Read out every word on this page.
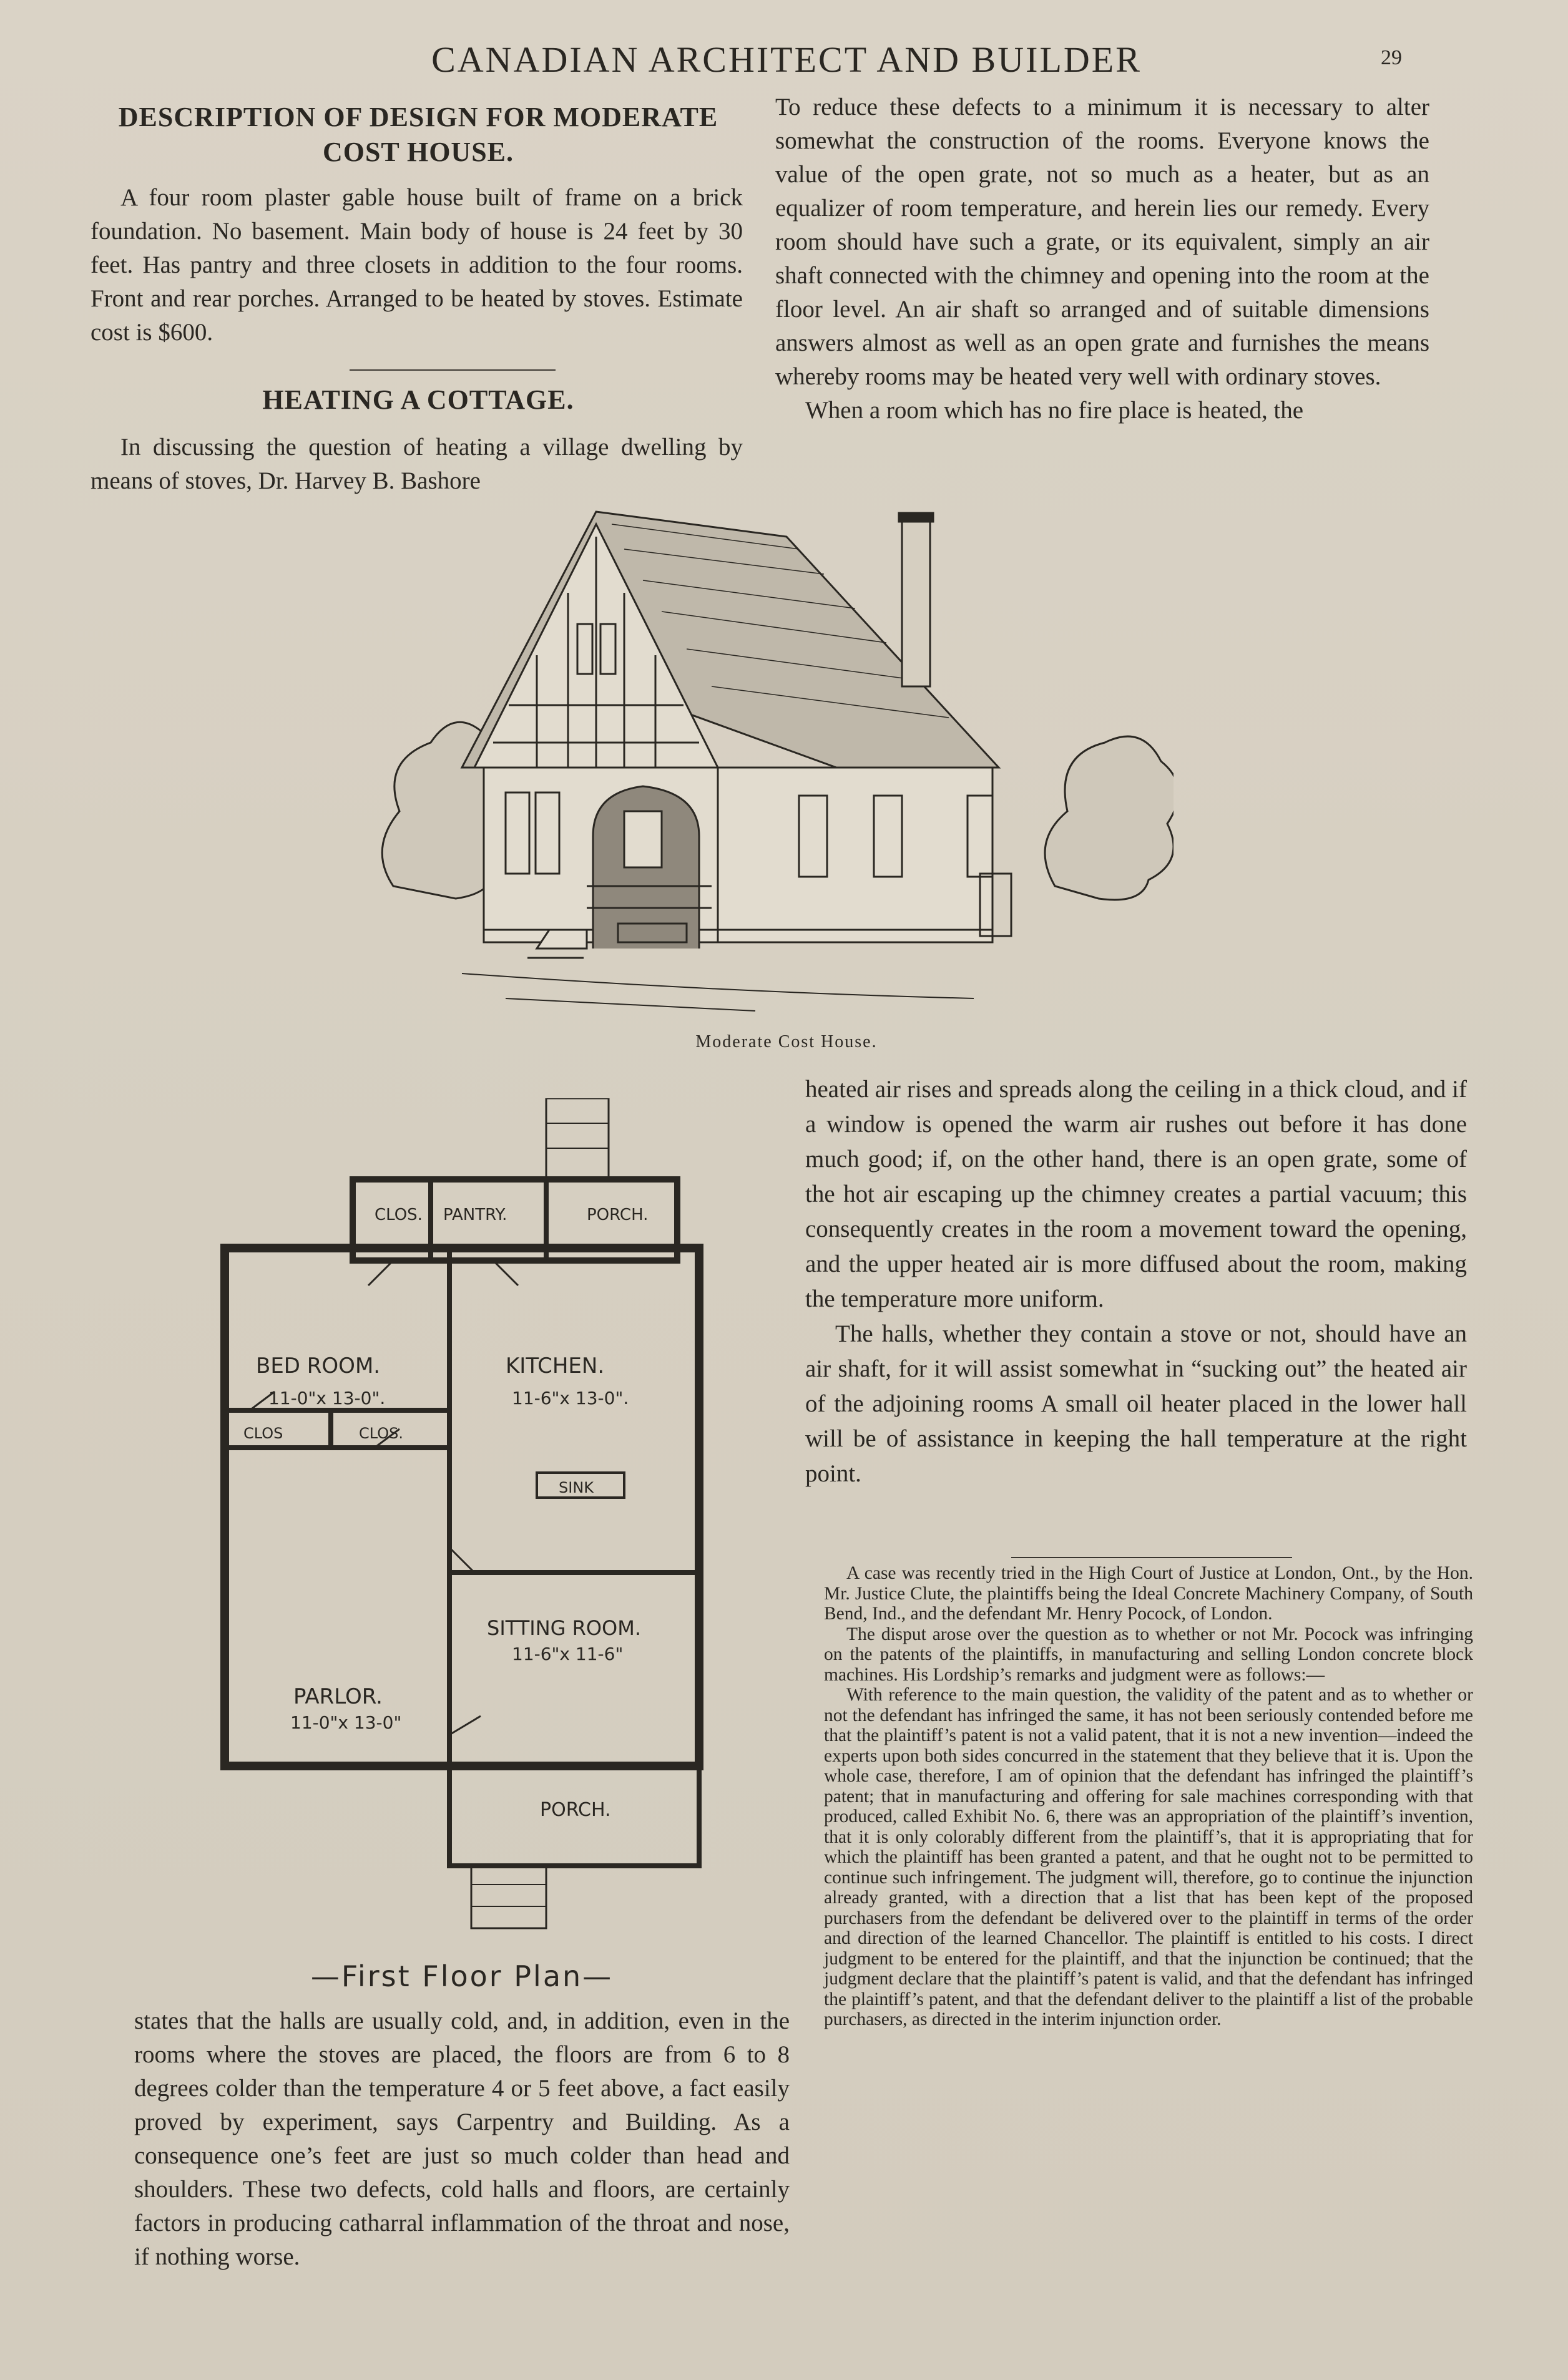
CANADIAN ARCHITECT AND BUILDER	29
DESCRIPTION OF DESIGN FOR MODERATE
COST HOUSE.

A four room plaster gable house built of frame on a brick foundation. No basement. Main body of house is 24 feet by 30 feet. Has pantry and three closets in addition to the four rooms. Front and rear porches. Arranged to be heated by stoves. Estimate cost is $600.

HEATING A COTTAGE.

In discussing the question of heating a village dwelling by means of stoves, Dr. Harvey B. Bashore

To reduce these defects to a minimum it is necessary to alter somewhat the construction of the rooms. Everyone knows the value of the open grate, not so much as a heater, but as an equalizer of room temperature, and herein lies our remedy. Every room should have such a grate, or its equivalent, simply an air shaft connected with the chimney and opening into the room at the floor level. An air shaft so arranged and of suitable dimensions answers almost as well as an open grate and furnishes the means whereby rooms may be heated very well with ordinary stoves.

When a room which has no fire place is heated, the

Moderate Cost House.
CLOS. PANTRY.	PORCH.
BED ROOM.
11-0"x 13-0".
KITCHEN.
11-6"x 13-0".
SINK
CLOS	CLOS.
SITTING ROOM.
11-6"x 11-6"
PARLOR.
11-0"x 13-0"
PORCH.
—First Floor Plan—

states that the halls are usually cold, and, in addition, even in the rooms where the stoves are placed, the floors are from 6 to 8 degrees colder than the temperature 4 or 5 feet above, a fact easily proved by experiment, says Carpentry and Building. As a consequence one’s feet are just so much colder than head and shoulders. These two defects, cold halls and floors, are certainly factors in producing catharral inflammation of the throat and nose, if nothing worse.

heated air rises and spreads along the ceiling in a thick cloud, and if a window is opened the warm air rushes out before it has done much good; if, on the other hand, there is an open grate, some of the hot air escaping up the chimney creates a partial vacuum; this consequently creates in the room a movement toward the opening, and the upper heated air is more diffused about the room, making the temperature more uniform.

The halls, whether they contain a stove or not, should have an air shaft, for it will assist somewhat in “sucking out” the heated air of the adjoining rooms A small oil heater placed in the lower hall will be of assistance in keeping the hall temperature at the right point.

A case was recently tried in the High Court of Justice at London, Ont., by the Hon. Mr. Justice Clute, the plaintiffs being the Ideal Concrete Machinery Company, of South Bend, Ind., and the defendant Mr. Henry Pocock, of London.

The disput arose over the question as to whether or not Mr. Pocock was infringing on the patents of the plaintiffs, in manufacturing and selling London concrete block machines. His Lordship’s remarks and judgment were as follows:—

With reference to the main question, the validity of the patent and as to whether or not the defendant has infringed the same, it has not been seriously contended before me that the plaintiff’s patent is not a valid patent, that it is not a new invention—indeed the experts upon both sides concurred in the statement that they believe that it is. Upon the whole case, therefore, I am of opinion that the defendant has infringed the plaintiff’s patent; that in manufacturing and offering for sale machines corresponding with that produced, called Exhibit No. 6, there was an appropriation of the plaintiff’s invention, that it is only colorably different from the plaintiff’s, that it is appropriating that for which the plaintiff has been granted a patent, and that he ought not to be permitted to continue such infringement. The judgment will, therefore, go to continue the injunction already granted, with a direction that a list that has been kept of the proposed purchasers from the defendant be delivered over to the plaintiff in terms of the order and direction of the learned Chancellor. The plaintiff is entitled to his costs. I direct judgment to be entered for the plaintiff, and that the injunction be continued; that the judgment declare that the plaintiff’s patent is valid, and that the defendant has infringed the plaintiff’s patent, and that the defendant deliver to the plaintiff a list of the probable purchasers, as directed in the interim injunction order.
